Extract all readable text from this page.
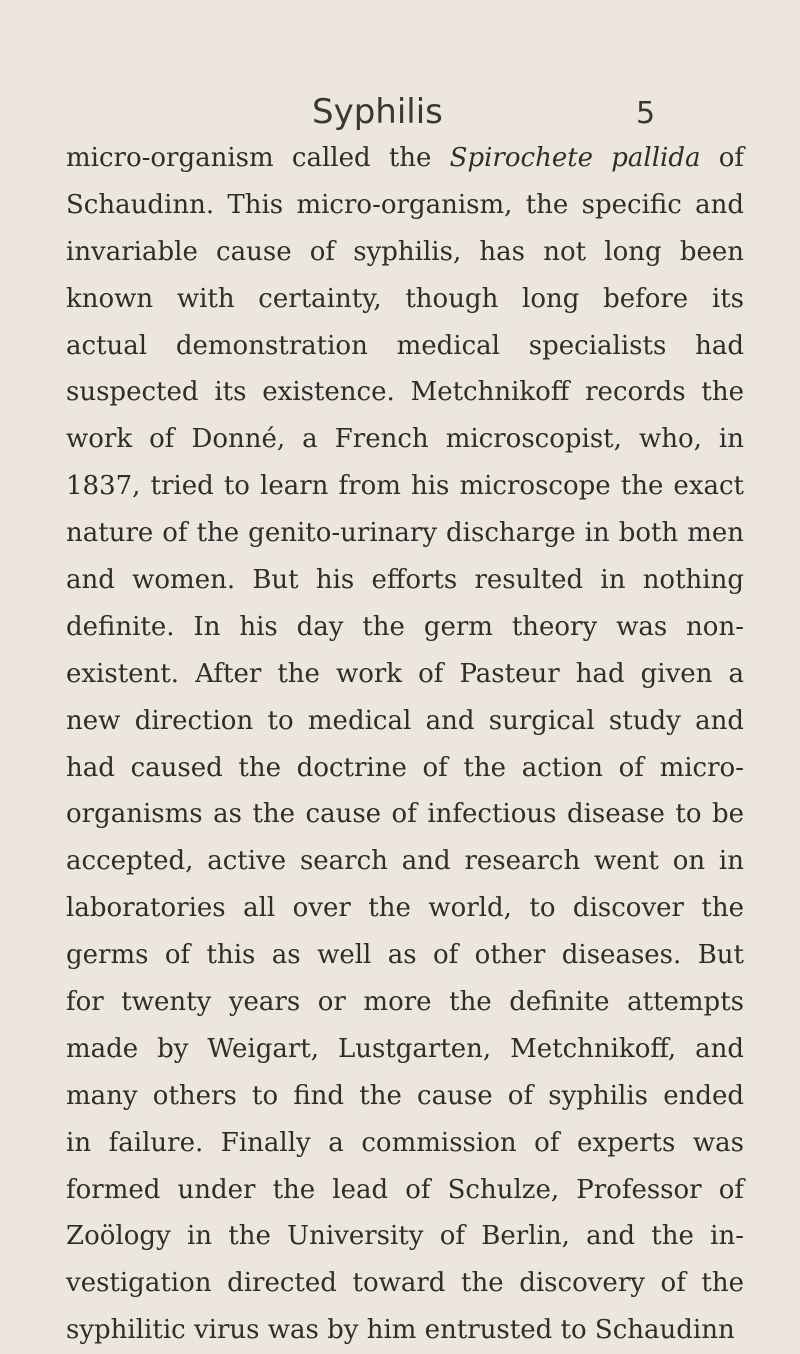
Syphilis	5
micro-organism called the Spirochete pallida of
Schaudinn. This micro-organism, the specific and
invariable cause of syphilis, has not long been
known with certainty, though long before its
actual demonstration medical specialists had
suspected its existence. Metchnikoff records the
work of Donné, a French microscopist, who, in
1837, tried to learn from his microscope the exact
nature of the genito-urinary discharge in both men
and women. But his efforts resulted in nothing
definite. In his day the germ theory was non-
existent. After the work of Pasteur had given a
new direction to medical and surgical study and
had caused the doctrine of the action of micro-
organisms as the cause of infectious disease to be
accepted, active search and research went on in
laboratories all over the world, to discover the
germs of this as well as of other diseases. But
for twenty years or more the definite attempts
made by Weigart, Lustgarten, Metchnikoff, and
many others to find the cause of syphilis ended
in failure. Finally a commission of experts was
formed under the lead of Schulze, Professor of
Zoölogy in the University of Berlin, and the in-
vestigation directed toward the discovery of the
syphilitic virus was by him entrusted to Schaudinn
